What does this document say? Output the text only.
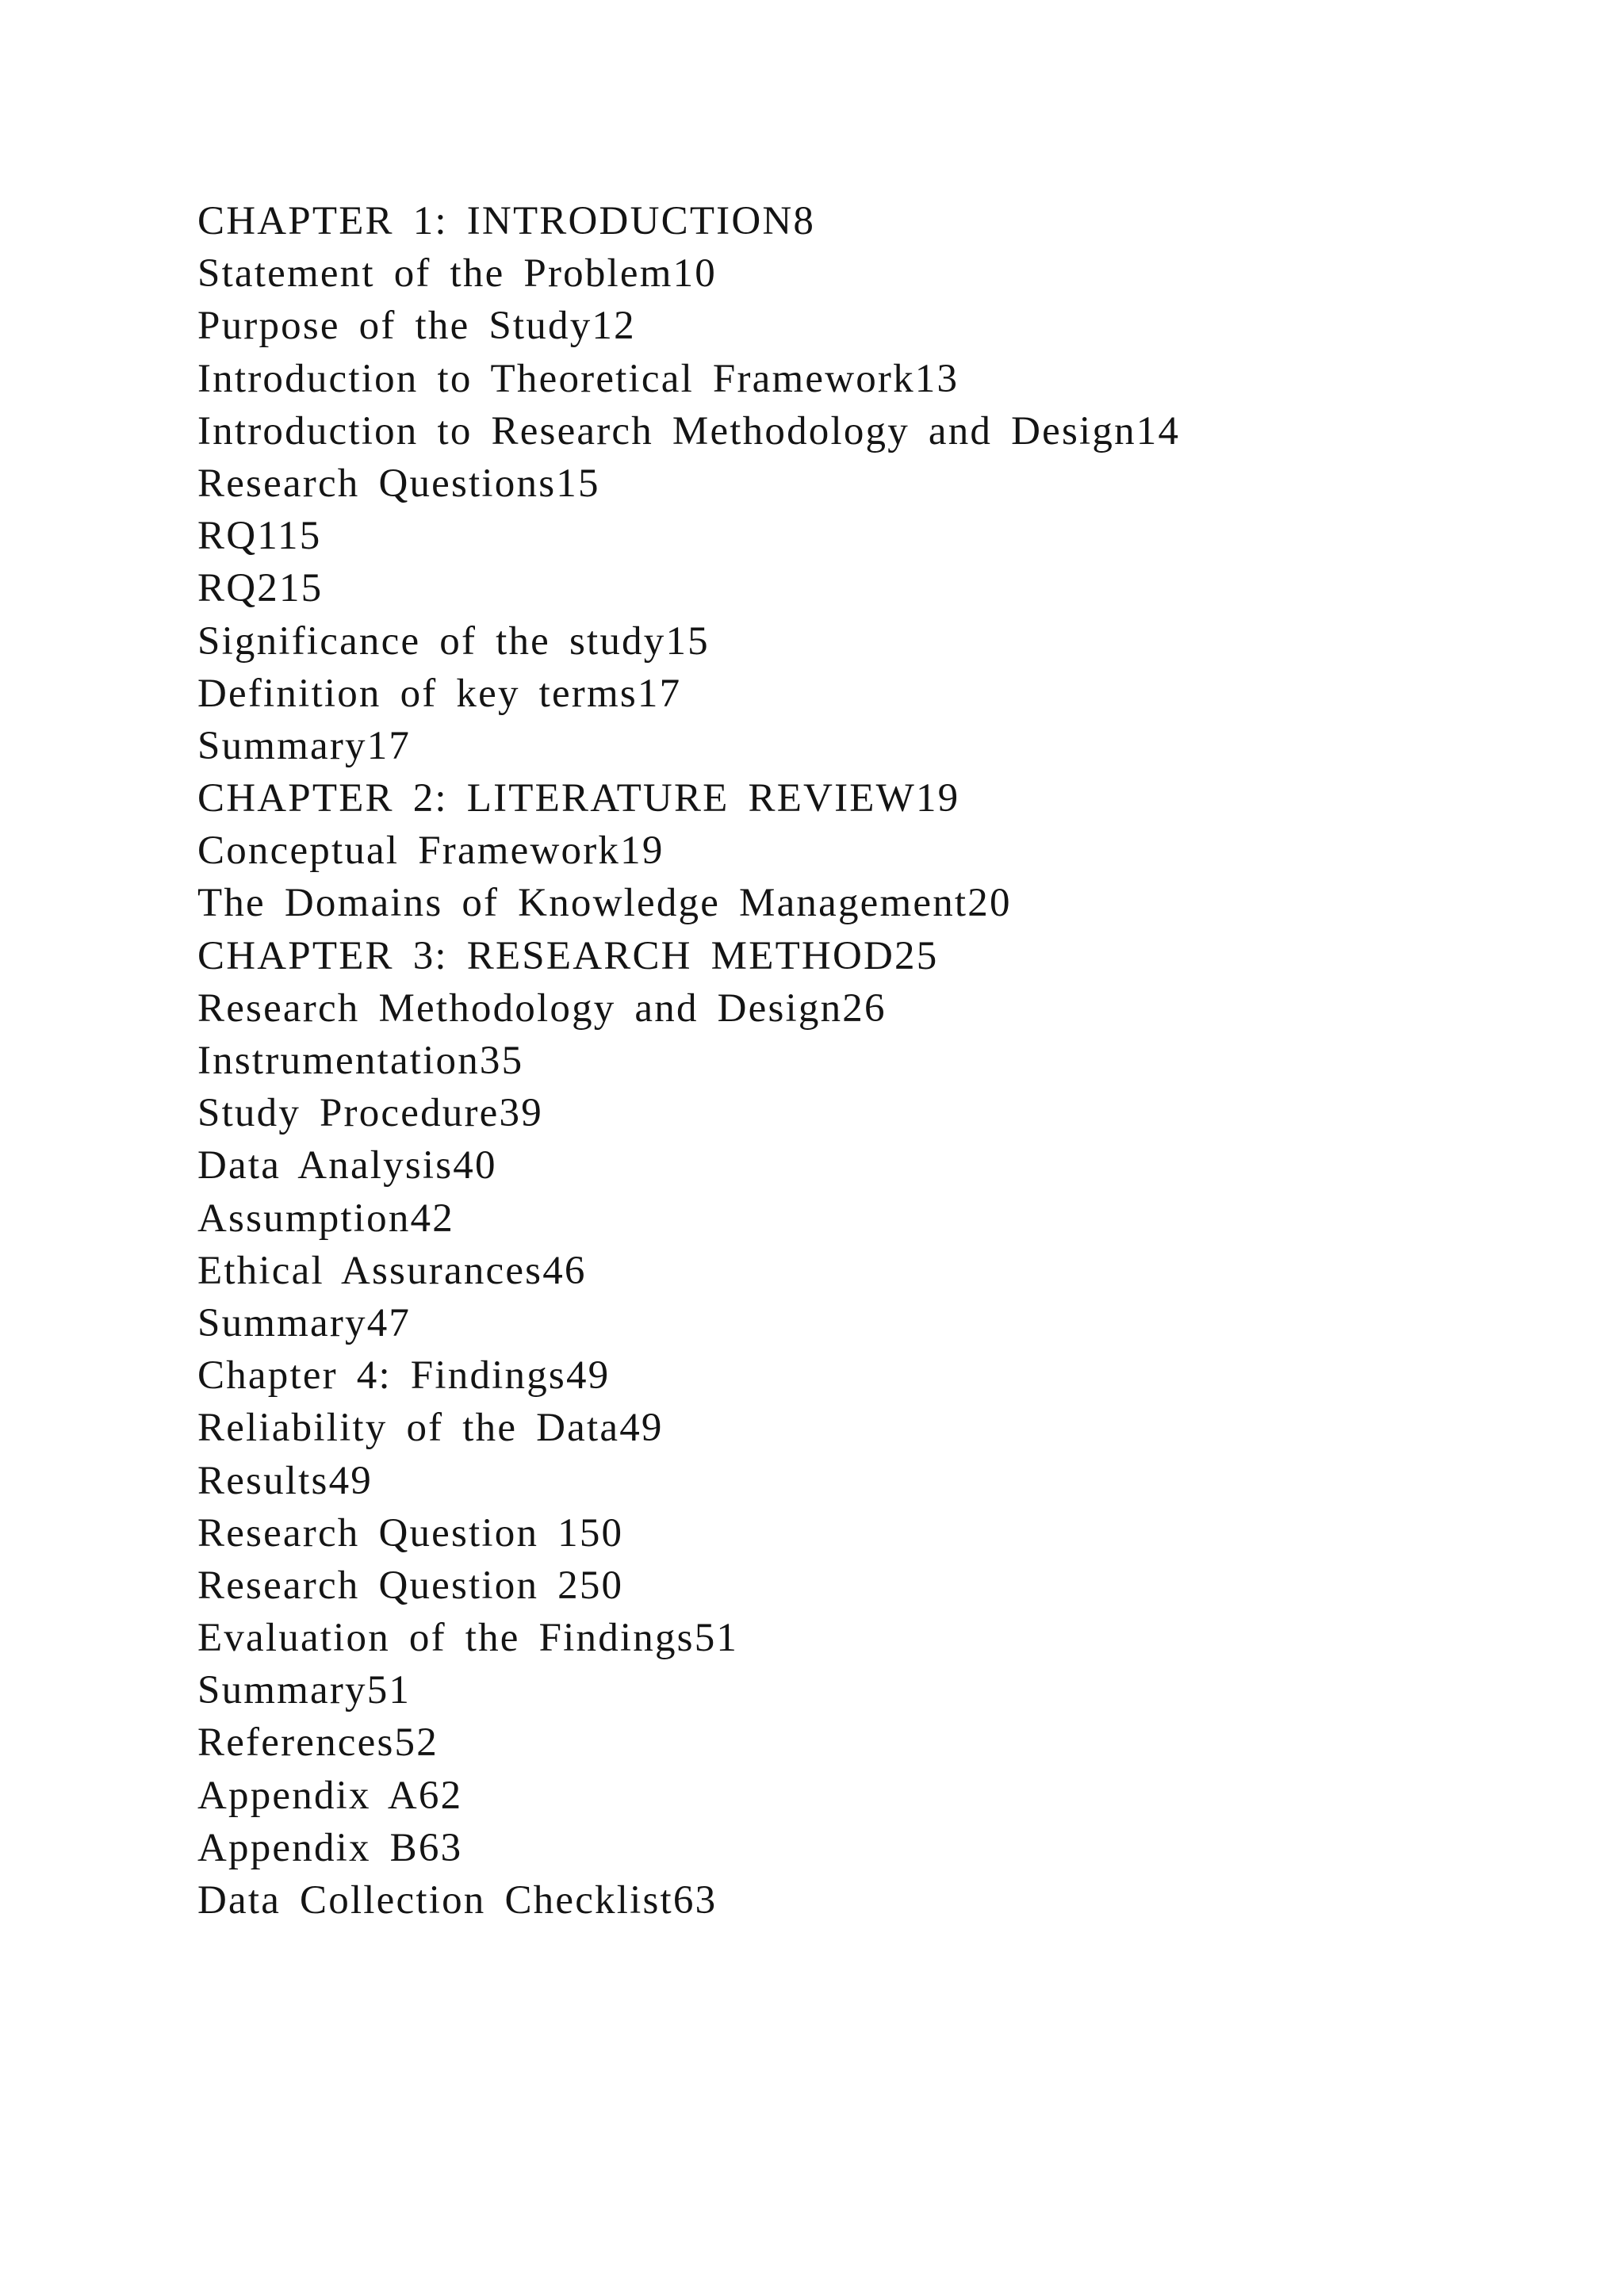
CHAPTER 1: INTRODUCTION8
Statement of the Problem10
Purpose of the Study12
Introduction to Theoretical Framework13
Introduction to Research Methodology and Design14
Research Questions15
RQ115
RQ215
Significance of the study15
Definition of key terms17
Summary17
CHAPTER 2: LITERATURE REVIEW19
Conceptual Framework19
The Domains of Knowledge Management20
CHAPTER 3: RESEARCH METHOD25
Research Methodology and Design26
Instrumentation35
Study Procedure39
Data Analysis40
Assumption42
Ethical Assurances46
Summary47
Chapter 4: Findings49
Reliability of the Data49
Results49
Research Question 150
Research Question 250
Evaluation of the Findings51
Summary51
References52
Appendix A62
Appendix B63
Data Collection Checklist63
